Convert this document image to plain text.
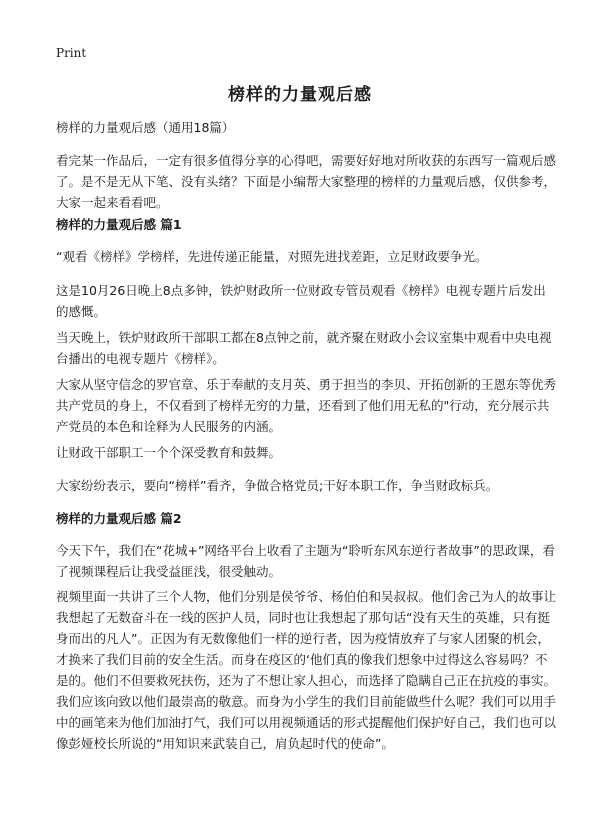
Print
榜样的力量观后感
榜样的力量观后感（通用18篇）
看完某一作品后，一定有很多值得分享的心得吧，需要好好地对所收获的东西写一篇观后感了。是不是无从下笔、没有头绪？下面是小编帮大家整理的榜样的力量观后感，仅供参考，大家一起来看看吧。
榜样的力量观后感 篇1
“观看《榜样》学榜样，先进传递正能量，对照先进找差距，立足财政要争光。
这是10月26日晚上8点多钟，铁炉财政所一位财政专管员观看《榜样》电视专题片后发出的感慨。
当天晚上，铁炉财政所干部职工都在8点钟之前，就齐聚在财政小会议室集中观看中央电视台播出的电视专题片《榜样》。
大家从坚守信念的罗官章、乐于奉献的支月英、勇于担当的李贝、开拓创新的王恩东等优秀共产党员的身上，不仅看到了榜样无穷的力量，还看到了他们用无私的"行动，充分展示共产党员的本色和诠释为人民服务的内涵。
让财政干部职工一个个深受教育和鼓舞。
大家纷纷表示，要向“榜样”看齐，争做合格党员;干好本职工作，争当财政标兵。
榜样的力量观后感 篇2
今天下午，我们在“花城+”网络平台上收看了主题为“聆听东风东逆行者故事”的思政课，看了视频课程后让我受益匪浅，很受触动。
视频里面一共讲了三个人物，他们分别是侯爷爷、杨伯伯和吴叔叔。他们舍己为人的故事让我想起了无数奋斗在一线的医护人员，同时也让我想起了那句话“没有天生的英雄，只有挺身而出的凡人”。正因为有无数像他们一样的逆行者，因为疫情放弃了与家人团聚的机会，才换来了我们目前的安全生活。而身在疫区的‘他们真的像我们想象中过得这么容易吗？不是的。他们不但要救死扶伤，还为了不想让家人担心，而选择了隐瞒自己正在抗疫的事实。我们应该向致以他们最崇高的敬意。而身为小学生的我们目前能做些什么呢？我们可以用手中的画笔来为他们加油打气，我们可以用视频通话的形式提醒他们保护好自己，我们也可以像彭娅校长所说的“用知识来武装自己，肩负起时代的使命”。
